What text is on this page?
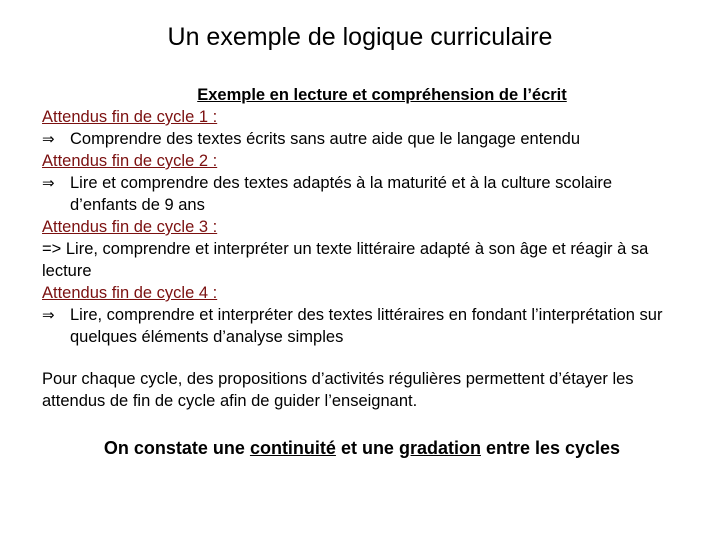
Un exemple de logique curriculaire
Exemple en lecture et compréhension de l’écrit
Attendus fin de cycle 1 :
⇒ Comprendre des textes écrits sans autre aide que le langage entendu
Attendus fin de cycle 2 :
⇒ Lire et comprendre des textes adaptés à la maturité et à la culture scolaire d’enfants de 9 ans
Attendus fin de cycle 3 :
=> Lire, comprendre et interpréter un texte littéraire adapté à son âge et réagir à sa lecture
Attendus fin de cycle 4 :
⇒ Lire, comprendre et interpréter des textes littéraires en fondant l’interprétation sur quelques éléments d’analyse simples
Pour chaque cycle, des propositions d’activités régulières permettent d’étayer les attendus de fin de cycle afin de guider l’enseignant.
On constate une continuité et une gradation entre les cycles
